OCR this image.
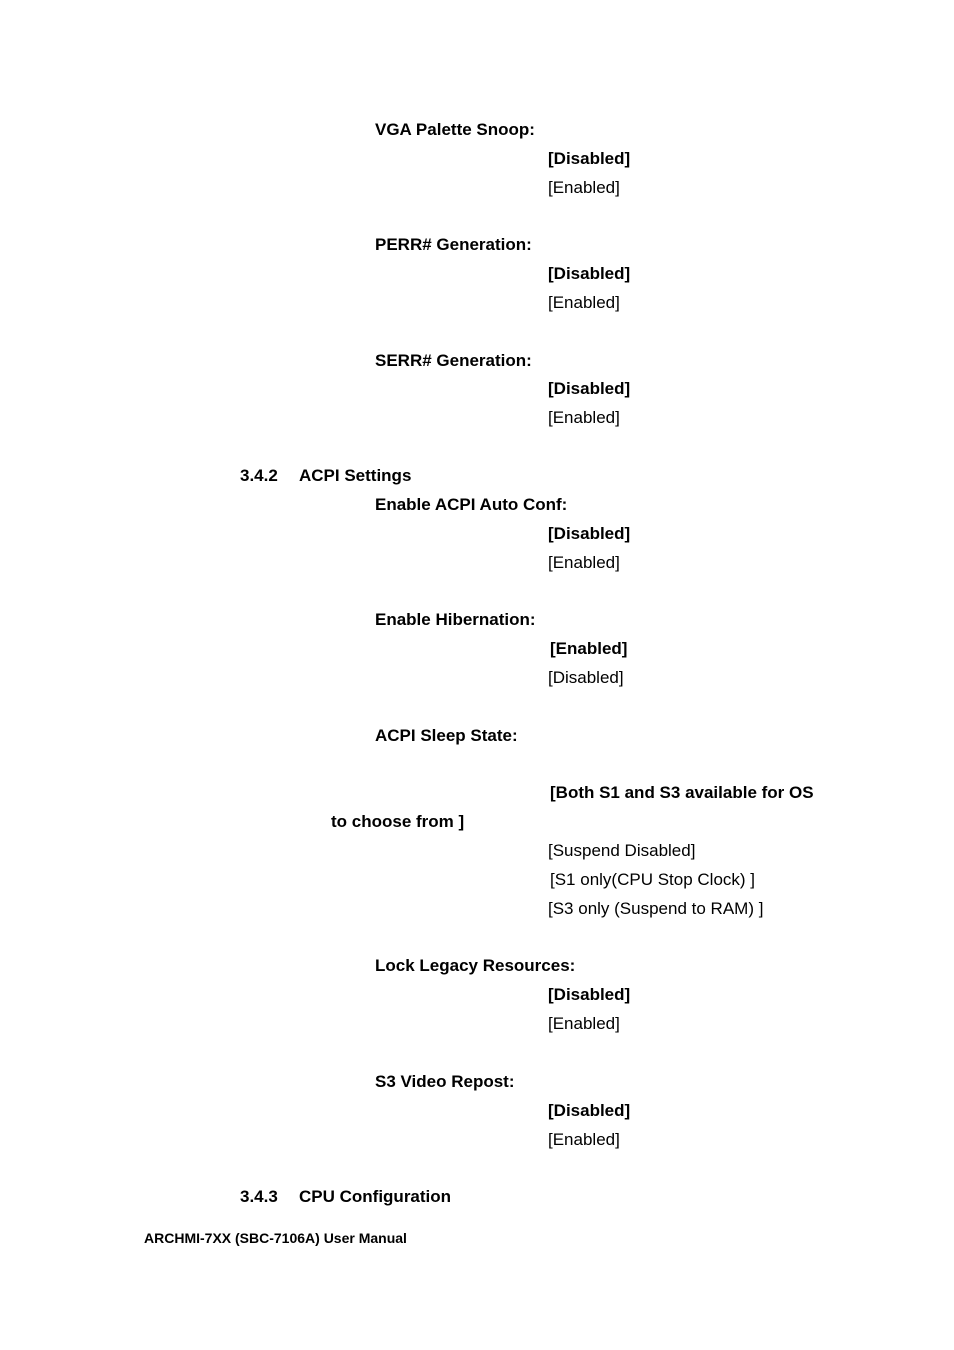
VGA Palette Snoop:
[Disabled]
[Enabled]
PERR# Generation:
[Disabled]
[Enabled]
SERR# Generation:
[Disabled]
[Enabled]
3.4.2 ACPI Settings
Enable ACPI Auto Conf:
[Disabled]
[Enabled]
Enable Hibernation:
[Enabled]
[Disabled]
ACPI Sleep State:
[Both S1 and S3 available for OS
to choose from ]
[Suspend Disabled]
[S1 only(CPU Stop Clock) ]
[S3 only (Suspend to RAM) ]
Lock Legacy Resources:
[Disabled]
[Enabled]
S3 Video Repost:
[Disabled]
[Enabled]
3.4.3 CPU Configuration
ARCHMI-7XX (SBC-7106A) User Manual
